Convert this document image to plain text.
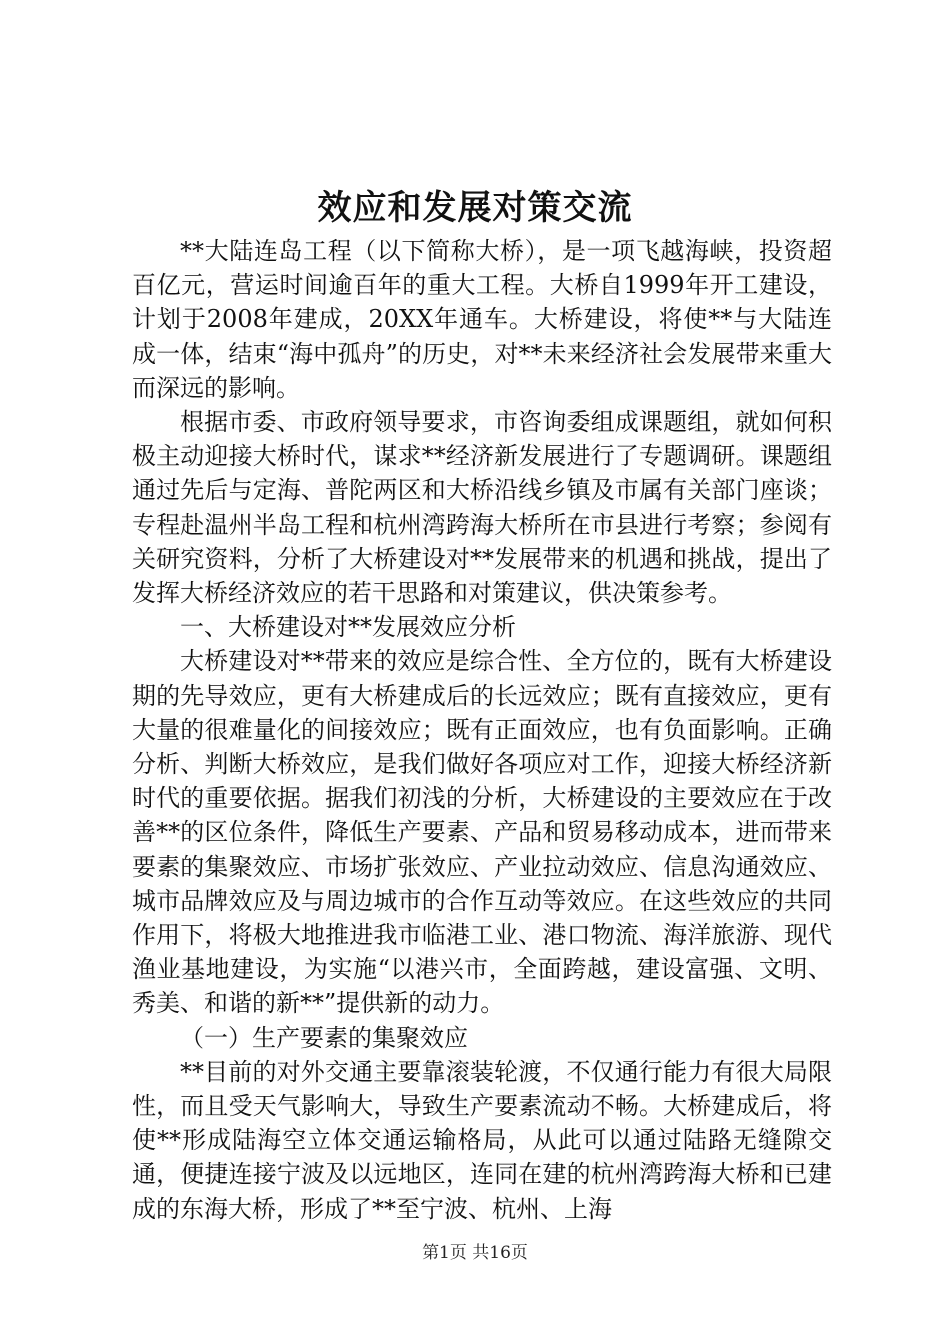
效应和发展对策交流

**大陆连岛工程（以下简称大桥），是一项飞越海峡，投资超百亿元，营运时间逾百年的重大工程。大桥自1999年开工建设，计划于2008年建成，20XX年通车。大桥建设，将使**与大陆连成一体，结束“海中孤舟”的历史，对**未来经济社会发展带来重大而深远的影响。

根据市委、市政府领导要求，市咨询委组成课题组，就如何积极主动迎接大桥时代，谋求**经济新发展进行了专题调研。课题组通过先后与定海、普陀两区和大桥沿线乡镇及市属有关部门座谈；专程赴温州半岛工程和杭州湾跨海大桥所在市县进行考察；参阅有关研究资料，分析了大桥建设对**发展带来的机遇和挑战，提出了发挥大桥经济效应的若干思路和对策建议，供决策参考。

一、大桥建设对**发展效应分析

大桥建设对**带来的效应是综合性、全方位的，既有大桥建设期的先导效应，更有大桥建成后的长远效应；既有直接效应，更有大量的很难量化的间接效应；既有正面效应，也有负面影响。正确分析、判断大桥效应，是我们做好各项应对工作，迎接大桥经济新时代的重要依据。据我们初浅的分析，大桥建设的主要效应在于改善**的区位条件，降低生产要素、产品和贸易移动成本，进而带来要素的集聚效应、市场扩张效应、产业拉动效应、信息沟通效应、城市品牌效应及与周边城市的合作互动等效应。在这些效应的共同作用下，将极大地推进我市临港工业、港口物流、海洋旅游、现代渔业基地建设，为实施“以港兴市，全面跨越，建设富强、文明、秀美、和谐的新**”提供新的动力。

（一）生产要素的集聚效应

**目前的对外交通主要靠滚装轮渡，不仅通行能力有很大局限性，而且受天气影响大，导致生产要素流动不畅。大桥建成后，将使**形成陆海空立体交通运输格局，从此可以通过陆路无缝隙交通，便捷连接宁波及以远地区，连同在建的杭州湾跨海大桥和已建成的东海大桥，形成了**至宁波、杭州、上海

第1页 共16页
